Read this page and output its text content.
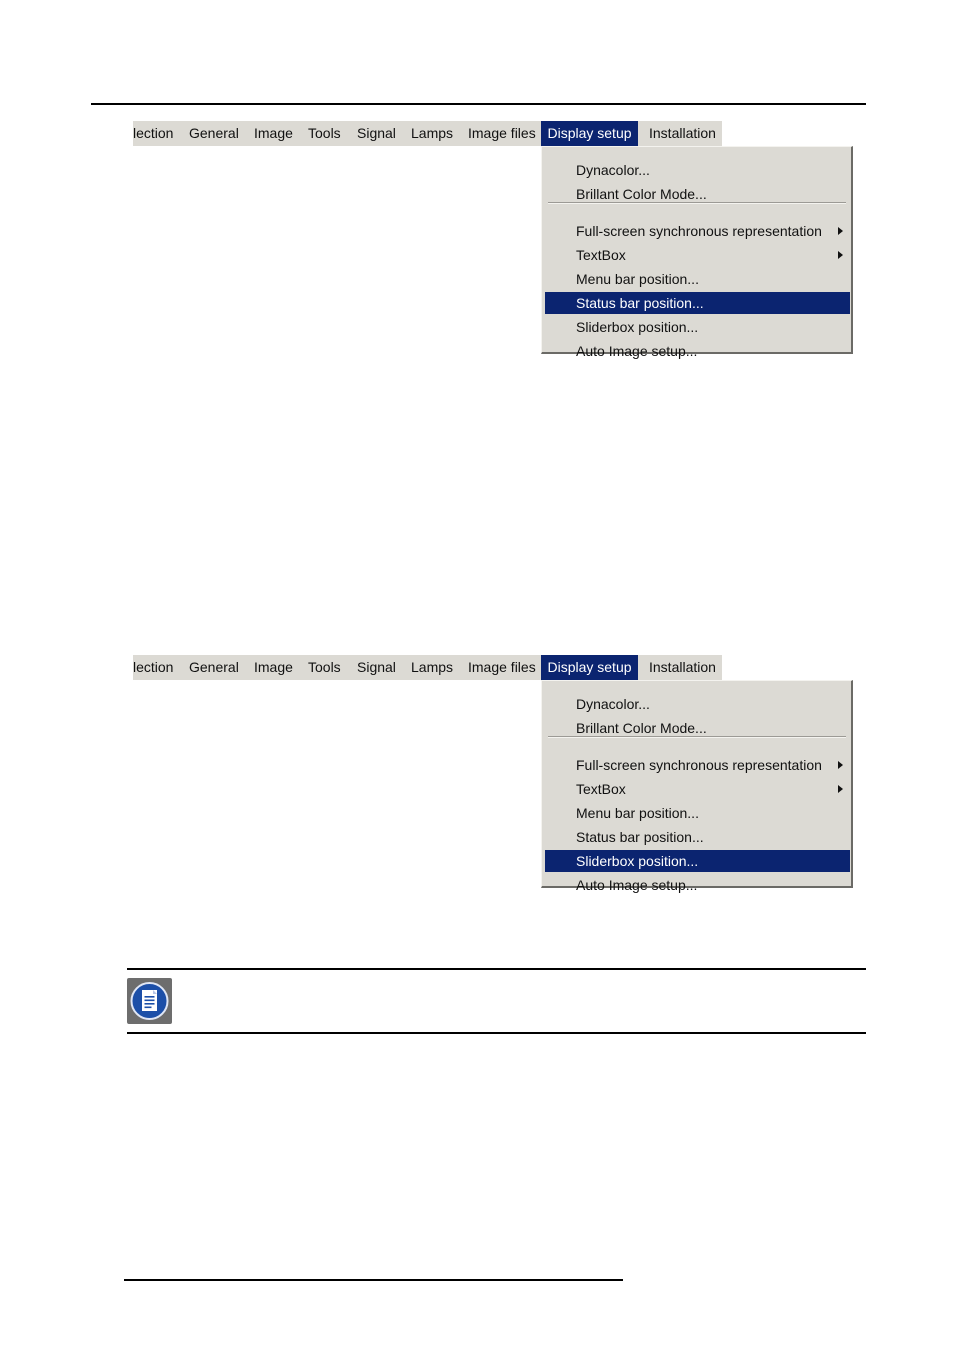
lection General Image Tools Signal Lamps Image files Display setup	Installation
Dynacolor...
Brillant Color Mode...
Full-screen synchronous representation
TextBox
Menu bar position...
Status bar position...
Sliderbox position...
Auto Image setup...
lection General Image Tools Signal Lamps Image files Display setup	Installation
Dynacolor...
Brillant Color Mode...
Full-screen synchronous representation
TextBox
Menu bar position...
Status bar position...
Sliderbox position...
Auto Image setup...
